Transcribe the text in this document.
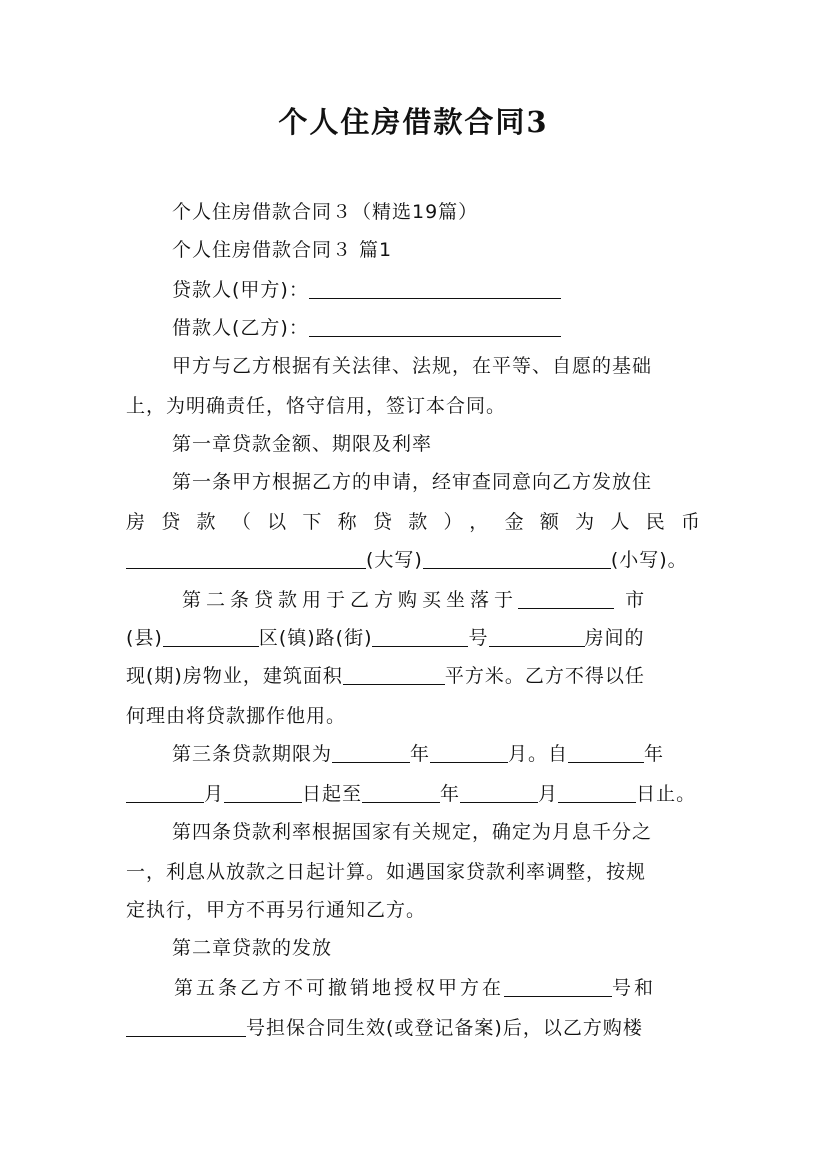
个人住房借款合同3
个人住房借款合同３（精选19篇）
个人住房借款合同３ 篇1
贷款人(甲方)：
借款人(乙方)：
甲方与乙方根据有关法律、法规，在平等、自愿的基础
上，为明确责任，恪守信用，签订本合同。
第一章贷款金额、期限及利率
第一条甲方根据乙方的申请，经审查同意向乙方发放住
房贷款（以下称贷款），金额为人民币
(大写)	(小写)。
第二条贷款用于乙方购买坐落于	市
(县)	区(镇)路(街)	号	房间的
现(期)房物业，建筑面积	平方米。乙方不得以任
何理由将贷款挪作他用。
第三条贷款期限为	年	月。自	年
月	日起至	年	月	日止。
第四条贷款利率根据国家有关规定，确定为月息千分之
一，利息从放款之日起计算。如遇国家贷款利率调整，按规
定执行，甲方不再另行通知乙方。
第二章贷款的发放
第五条乙方不可撤销地授权甲方在	号和
号担保合同生效(或登记备案)后，以乙方购楼
